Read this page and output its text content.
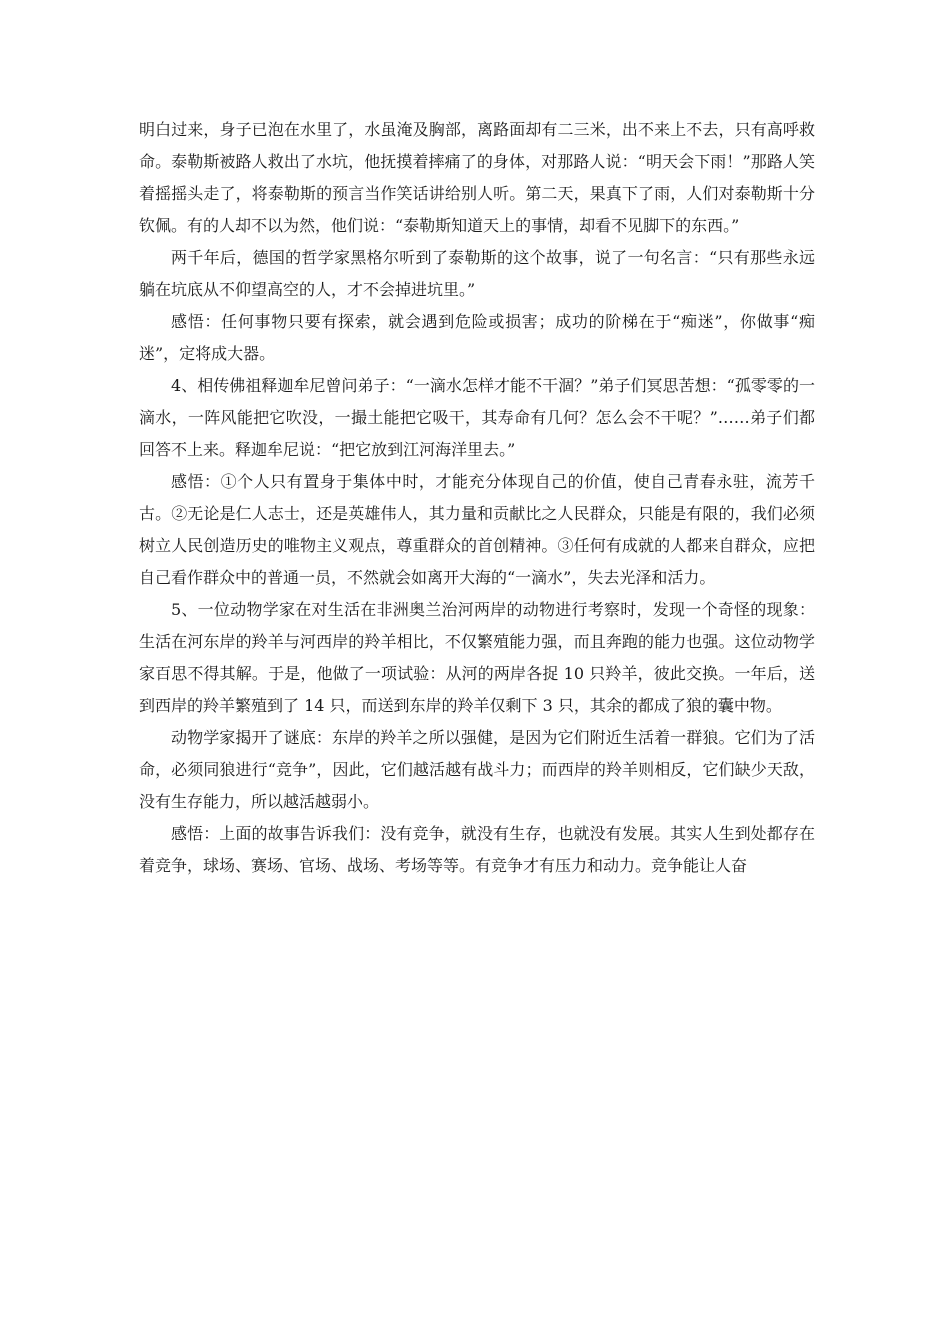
明白过来，身子已泡在水里了，水虽淹及胸部，离路面却有二三米，出不来上不去，只有高呼救命。泰勒斯被路人救出了水坑，他抚摸着摔痛了的身体，对那路人说：“明天会下雨！”那路人笑着摇摇头走了，将泰勒斯的预言当作笑话讲给别人听。第二天，果真下了雨，人们对泰勒斯十分钦佩。有的人却不以为然，他们说：“泰勒斯知道天上的事情，却看不见脚下的东西。”

两千年后，德国的哲学家黑格尔听到了泰勒斯的这个故事，说了一句名言：“只有那些永远躺在坑底从不仰望高空的人，才不会掉进坑里。”

感悟：任何事物只要有探索，就会遇到危险或损害；成功的阶梯在于“痴迷”，你做事“痴迷”，定将成大器。

4、相传佛祖释迦牟尼曾问弟子：“一滴水怎样才能不干涸？”弟子们冥思苦想：“孤零零的一滴水，一阵风能把它吹没，一撮土能把它吸干，其寿命有几何？怎么会不干呢？”……弟子们都回答不上来。释迦牟尼说：“把它放到江河海洋里去。”

感悟：①个人只有置身于集体中时，才能充分体现自己的价值，使自己青春永驻，流芳千古。②无论是仁人志士，还是英雄伟人，其力量和贡献比之人民群众，只能是有限的，我们必须树立人民创造历史的唯物主义观点，尊重群众的首创精神。③任何有成就的人都来自群众，应把自己看作群众中的普通一员，不然就会如离开大海的“一滴水”，失去光泽和活力。

5、一位动物学家在对生活在非洲奥兰治河两岸的动物进行考察时，发现一个奇怪的现象：生活在河东岸的羚羊与河西岸的羚羊相比，不仅繁殖能力强，而且奔跑的能力也强。这位动物学家百思不得其解。于是，他做了一项试验：从河的两岸各捉 10 只羚羊，彼此交换。一年后，送到西岸的羚羊繁殖到了 14 只，而送到东岸的羚羊仅剩下 3 只，其余的都成了狼的囊中物。

动物学家揭开了谜底：东岸的羚羊之所以强健，是因为它们附近生活着一群狼。它们为了活命，必须同狼进行“竞争”，因此，它们越活越有战斗力；而西岸的羚羊则相反，它们缺少天敌，没有生存能力，所以越活越弱小。

感悟：上面的故事告诉我们：没有竞争，就没有生存，也就没有发展。其实人生到处都存在着竞争，球场、赛场、官场、战场、考场等等。有竞争才有压力和动力。竞争能让人奋
